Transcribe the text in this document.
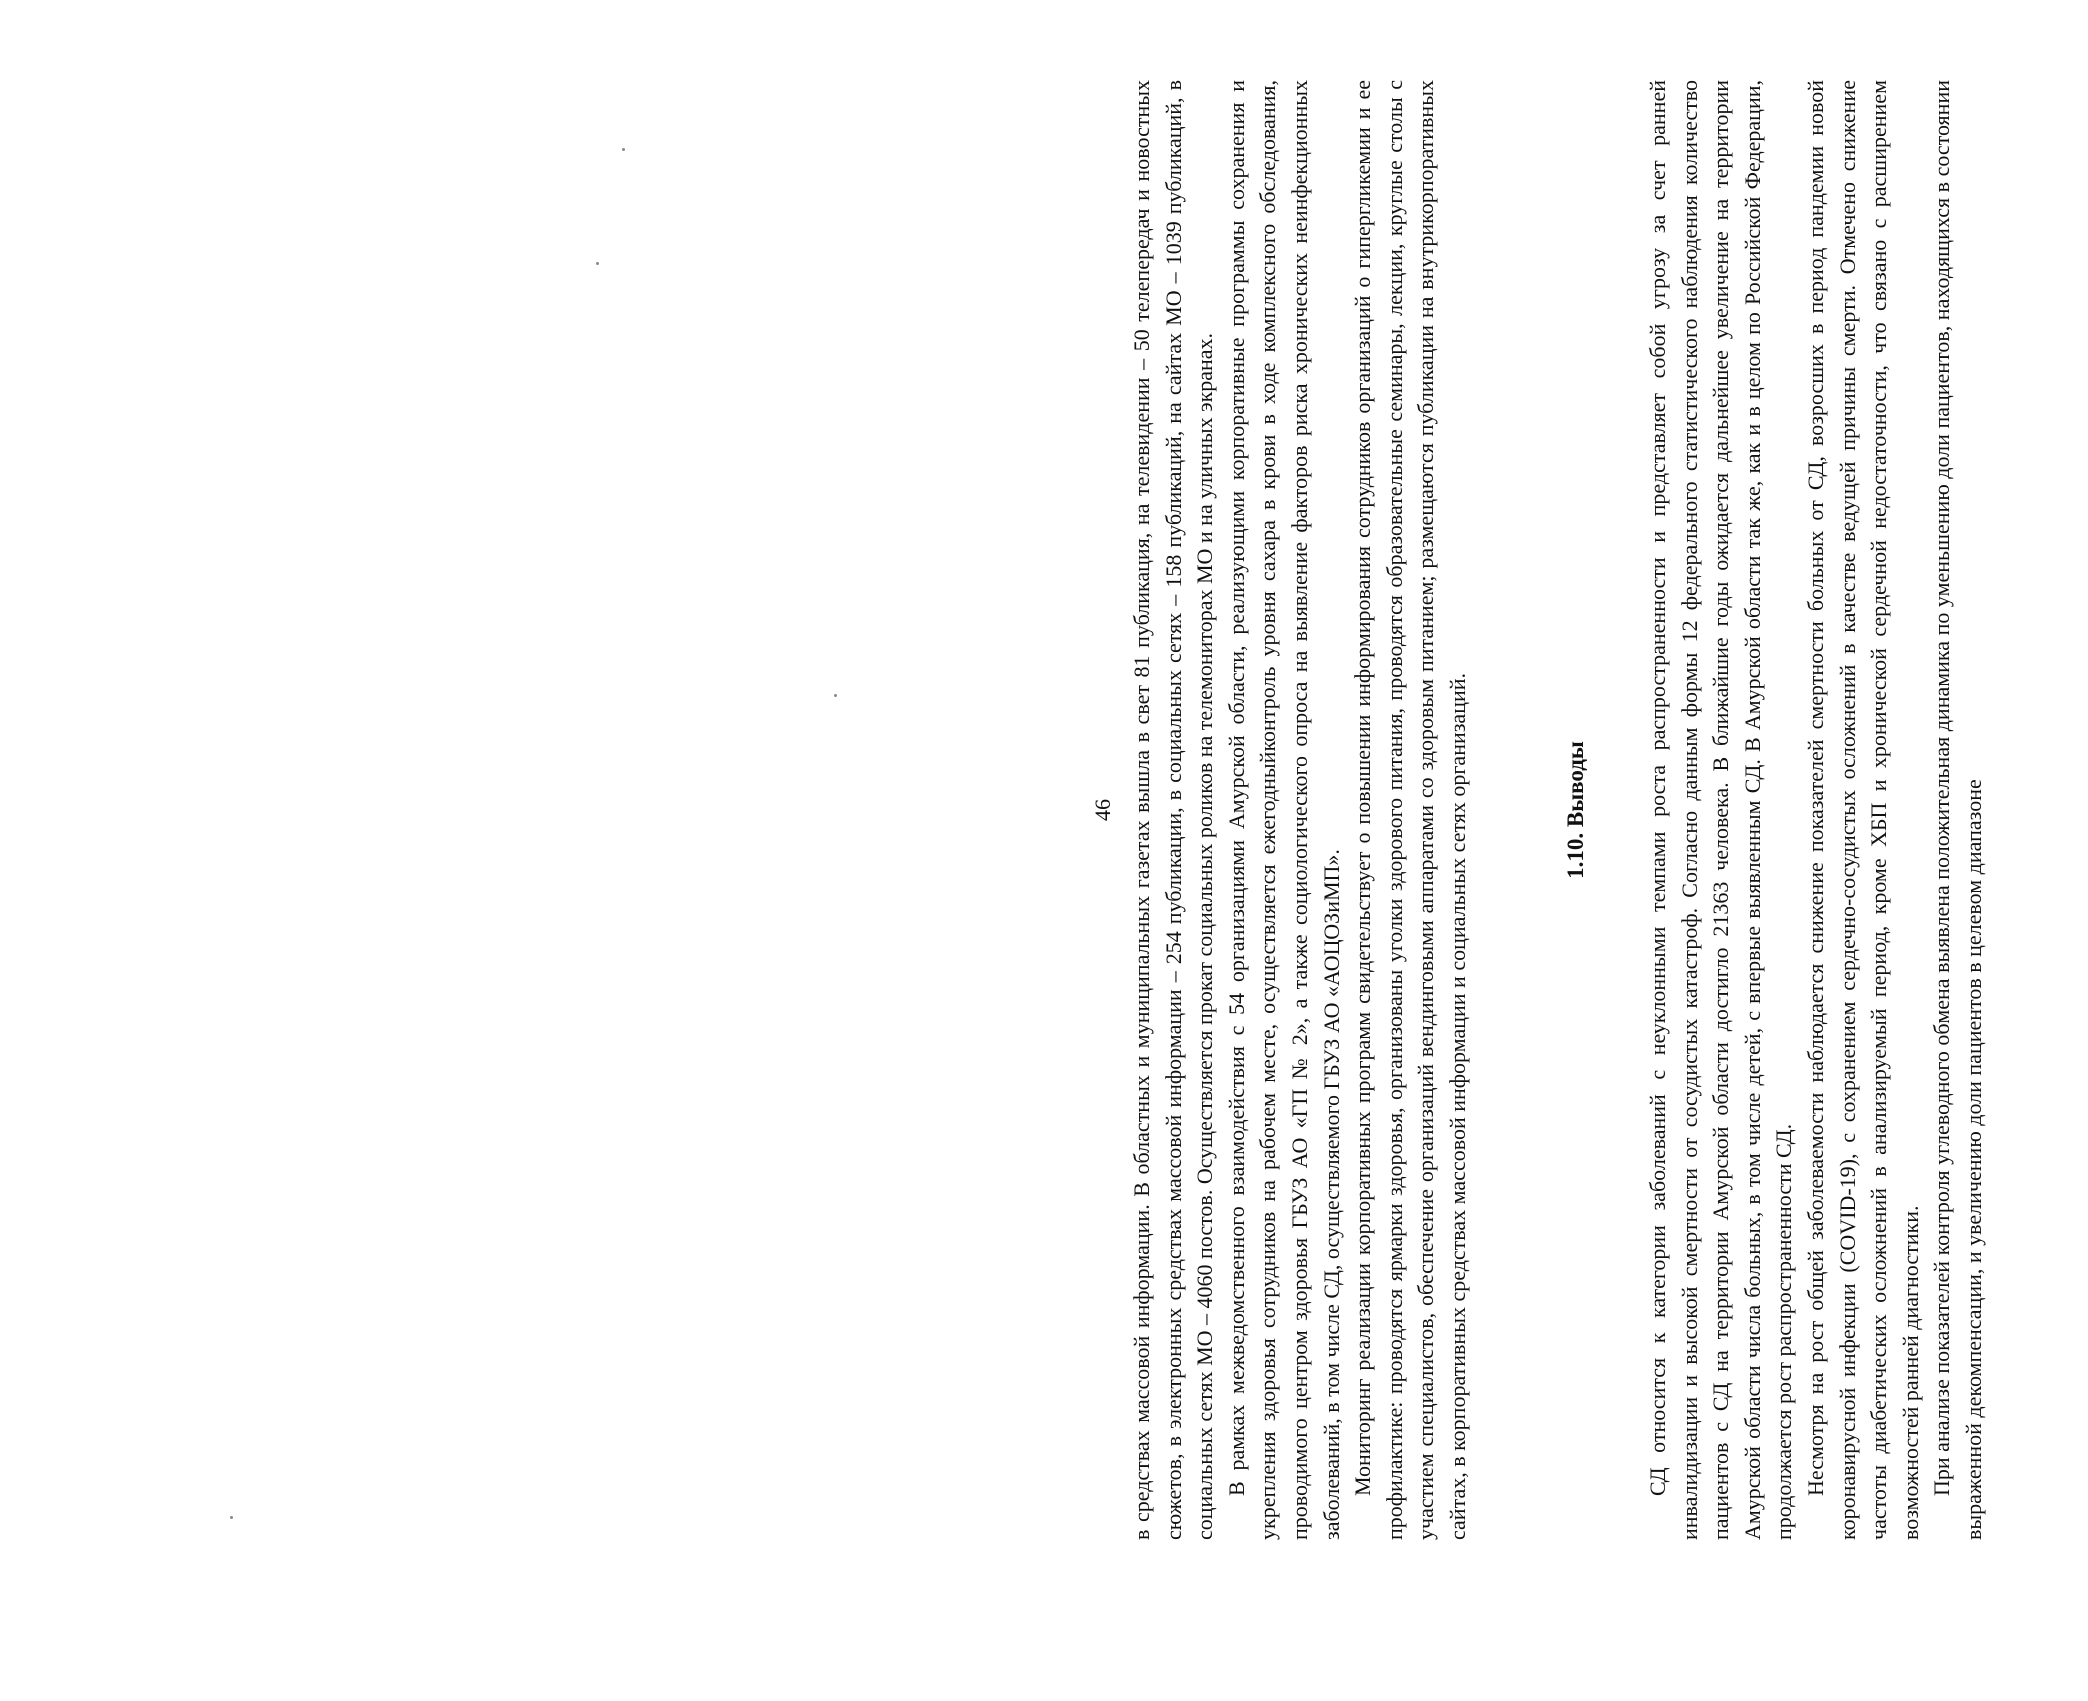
46 в средствах массовой информации. В областных и муниципальных газетах вышла в свет 81 публикация, на телевидении – 50 телепередач и новостных сюжетов, в электронных средствах массовой информации – 254 публикации, в социальных сетях – 158 публикаций, на сайтах МО – 1039 публикаций, в социальных сетях МО – 4060 постов. Осуществляется прокат социальных роликов на телемониторах МО и на уличных экранах. В рамках межведомственного взаимодействия с 54 организациями Амурской области, реализующими корпоративные программы сохранения и укрепления здоровья сотрудников на рабочем месте, осуществляется ежегодныйконтроль уровня сахара в крови в ходе комплексного обследования, проводимого центром здоровья ГБУЗ АО «ГП № 2», а также социологического опроса на выявление факторов риска хронических неинфекционных заболеваний, в том числе СД, осуществляемого ГБУЗ АО «АОЦОЗиМП». Мониторинг реализации корпоративных программ свидетельствует о повышении информирования сотрудников организаций о гипергликемии и ее профилактике: проводятся ярмарки здоровья, организованы уголки здорового питания, проводятся образовательные семинары, лекции, круглые столы с участием специалистов, обеспечение организаций вендинговыми аппаратами со здоровым питанием; размещаются публикации на внутрикорпоративных сайтах, в корпоративных средствах массовой информации и социальных сетях организаций.	1.10. Выводы	СД относится к категории заболеваний с неуклонными темпами роста распространенности и представляет собой угрозу за счет ранней инвалидизации и высокой смертности от сосудистых катастроф. Согласно данным формы 12 федерального статистического наблюдения количество пациентов с СД на территории Амурской области достигло 21363 человека. В ближайшие годы ожидается дальнейшее увеличение на территории Амурской области числа больных, в том числе детей, с впервые выявленным СД. В Амурской области так же, как и в целом по Российской Федерации, продолжается рост распространенности СД. Несмотря на рост общей заболеваемости наблюдается снижение показателей смертности больных от СД, возросших в период пандемии новой коронавирусной инфекции (COVID-19), с сохранением сердечно-сосудистых осложнений в качестве ведущей причины смерти. Отмечено снижение частоты диабетических осложнений в анализируемый период, кроме ХБП и хронической сердечной недостаточности, что связано с расширением возможностей ранней диагностики. При анализе показателей контроля углеводного обмена выявлена положительная динамика по уменьшению доли пациентов, находящихся в состоянии выраженной декомпенсации, и увеличению доли пациентов в целевом диапазоне
